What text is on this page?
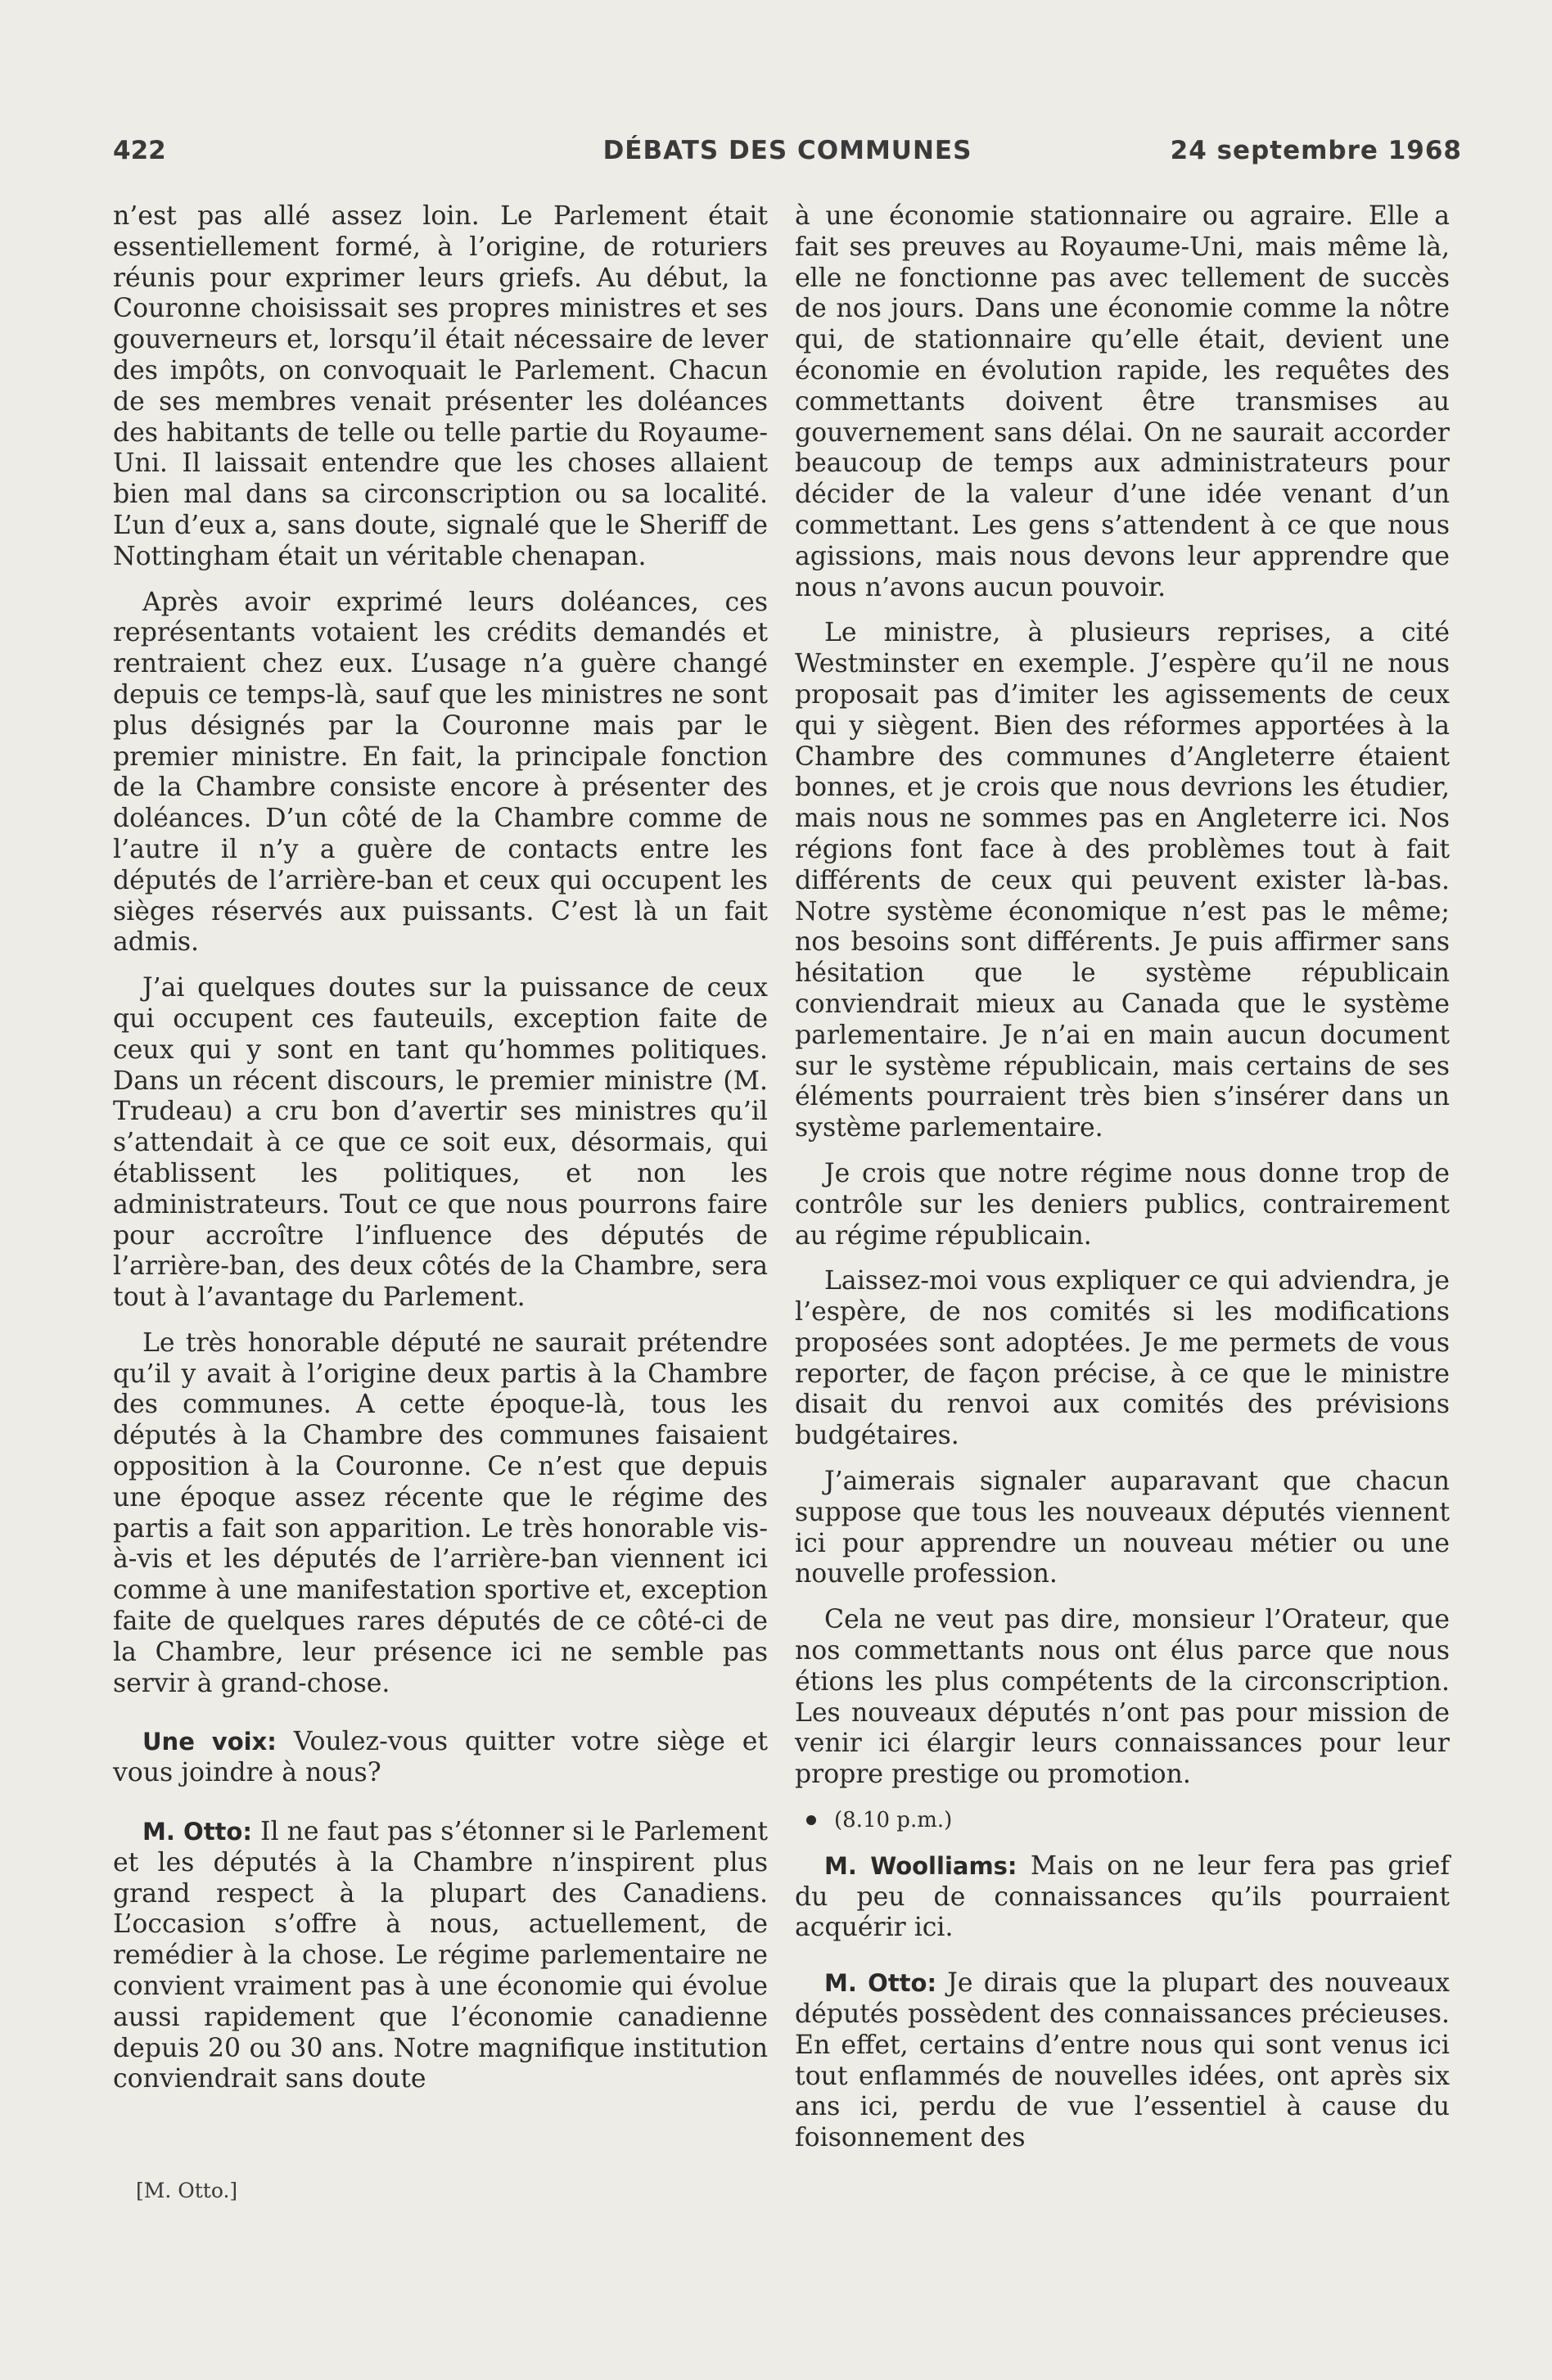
422	DÉBATS DES COMMUNES	24 septembre 1968

n’est pas allé assez loin. Le Parlement était essentiellement formé, à l’origine, de roturiers réunis pour exprimer leurs griefs. Au début, la Couronne choisissait ses propres ministres et ses gouverneurs et, lorsqu’il était nécessaire de lever des impôts, on convoquait le Parlement. Chacun de ses membres venait présenter les doléances des habitants de telle ou telle partie du Royaume-Uni. Il laissait entendre que les choses allaient bien mal dans sa circonscription ou sa localité. L’un d’eux a, sans doute, signalé que le Sheriff de Nottingham était un véritable chenapan.

Après avoir exprimé leurs doléances, ces représentants votaient les crédits demandés et rentraient chez eux. L’usage n’a guère changé depuis ce temps-là, sauf que les ministres ne sont plus désignés par la Couronne mais par le premier ministre. En fait, la principale fonction de la Chambre consiste encore à présenter des doléances. D’un côté de la Chambre comme de l’autre il n’y a guère de contacts entre les députés de l’arrière-ban et ceux qui occupent les sièges réservés aux puissants. C’est là un fait admis.

J’ai quelques doutes sur la puissance de ceux qui occupent ces fauteuils, exception faite de ceux qui y sont en tant qu’hommes politiques. Dans un récent discours, le premier ministre (M. Trudeau) a cru bon d’avertir ses ministres qu’il s’attendait à ce que ce soit eux, désormais, qui établissent les politiques, et non les administrateurs. Tout ce que nous pourrons faire pour accroître l’influence des députés de l’arrière-ban, des deux côtés de la Chambre, sera tout à l’avantage du Parlement.

Le très honorable député ne saurait prétendre qu’il y avait à l’origine deux partis à la Chambre des communes. A cette époque-là, tous les députés à la Chambre des communes faisaient opposition à la Couronne. Ce n’est que depuis une époque assez récente que le régime des partis a fait son apparition. Le très honorable vis-à-vis et les députés de l’arrière-ban viennent ici comme à une manifestation sportive et, exception faite de quelques rares députés de ce côté-ci de la Chambre, leur présence ici ne semble pas servir à grand-chose.

Une voix: Voulez-vous quitter votre siège et vous joindre à nous?

M. Otto: Il ne faut pas s’étonner si le Parlement et les députés à la Chambre n’inspirent plus grand respect à la plupart des Canadiens. L’occasion s’offre à nous, actuellement, de remédier à la chose. Le régime parlementaire ne convient vraiment pas à une économie qui évolue aussi rapidement que l’économie canadienne depuis 20 ou 30 ans. Notre magnifique institution conviendrait sans doute

à une économie stationnaire ou agraire. Elle a fait ses preuves au Royaume-Uni, mais même là, elle ne fonctionne pas avec tellement de succès de nos jours. Dans une économie comme la nôtre qui, de stationnaire qu’elle était, devient une économie en évolution rapide, les requêtes des commettants doivent être transmises au gouvernement sans délai. On ne saurait accorder beaucoup de temps aux administrateurs pour décider de la valeur d’une idée venant d’un commettant. Les gens s’attendent à ce que nous agissions, mais nous devons leur apprendre que nous n’avons aucun pouvoir.

Le ministre, à plusieurs reprises, a cité Westminster en exemple. J’espère qu’il ne nous proposait pas d’imiter les agissements de ceux qui y siègent. Bien des réformes apportées à la Chambre des communes d’Angleterre étaient bonnes, et je crois que nous devrions les étudier, mais nous ne sommes pas en Angleterre ici. Nos régions font face à des problèmes tout à fait différents de ceux qui peuvent exister là-bas. Notre système économique n’est pas le même; nos besoins sont différents. Je puis affirmer sans hésitation que le système républicain conviendrait mieux au Canada que le système parlementaire. Je n’ai en main aucun document sur le système républicain, mais certains de ses éléments pourraient très bien s’insérer dans un système parlementaire.

Je crois que notre régime nous donne trop de contrôle sur les deniers publics, contrairement au régime républicain.

Laissez-moi vous expliquer ce qui adviendra, je l’espère, de nos comités si les modifications proposées sont adoptées. Je me permets de vous reporter, de façon précise, à ce que le ministre disait du renvoi aux comités des prévisions budgétaires.

J’aimerais signaler auparavant que chacun suppose que tous les nouveaux députés viennent ici pour apprendre un nouveau métier ou une nouvelle profession.

Cela ne veut pas dire, monsieur l’Orateur, que nos commettants nous ont élus parce que nous étions les plus compétents de la circonscription. Les nouveaux députés n’ont pas pour mission de venir ici élargir leurs connaissances pour leur propre prestige ou promotion.

(8.10 p.m.)

M. Woolliams: Mais on ne leur fera pas grief du peu de connaissances qu’ils pourraient acquérir ici.

M. Otto: Je dirais que la plupart des nouveaux députés possèdent des connaissances précieuses. En effet, certains d’entre nous qui sont venus ici tout enflammés de nouvelles idées, ont après six ans ici, perdu de vue l’essentiel à cause du foisonnement des

[M. Otto.]
